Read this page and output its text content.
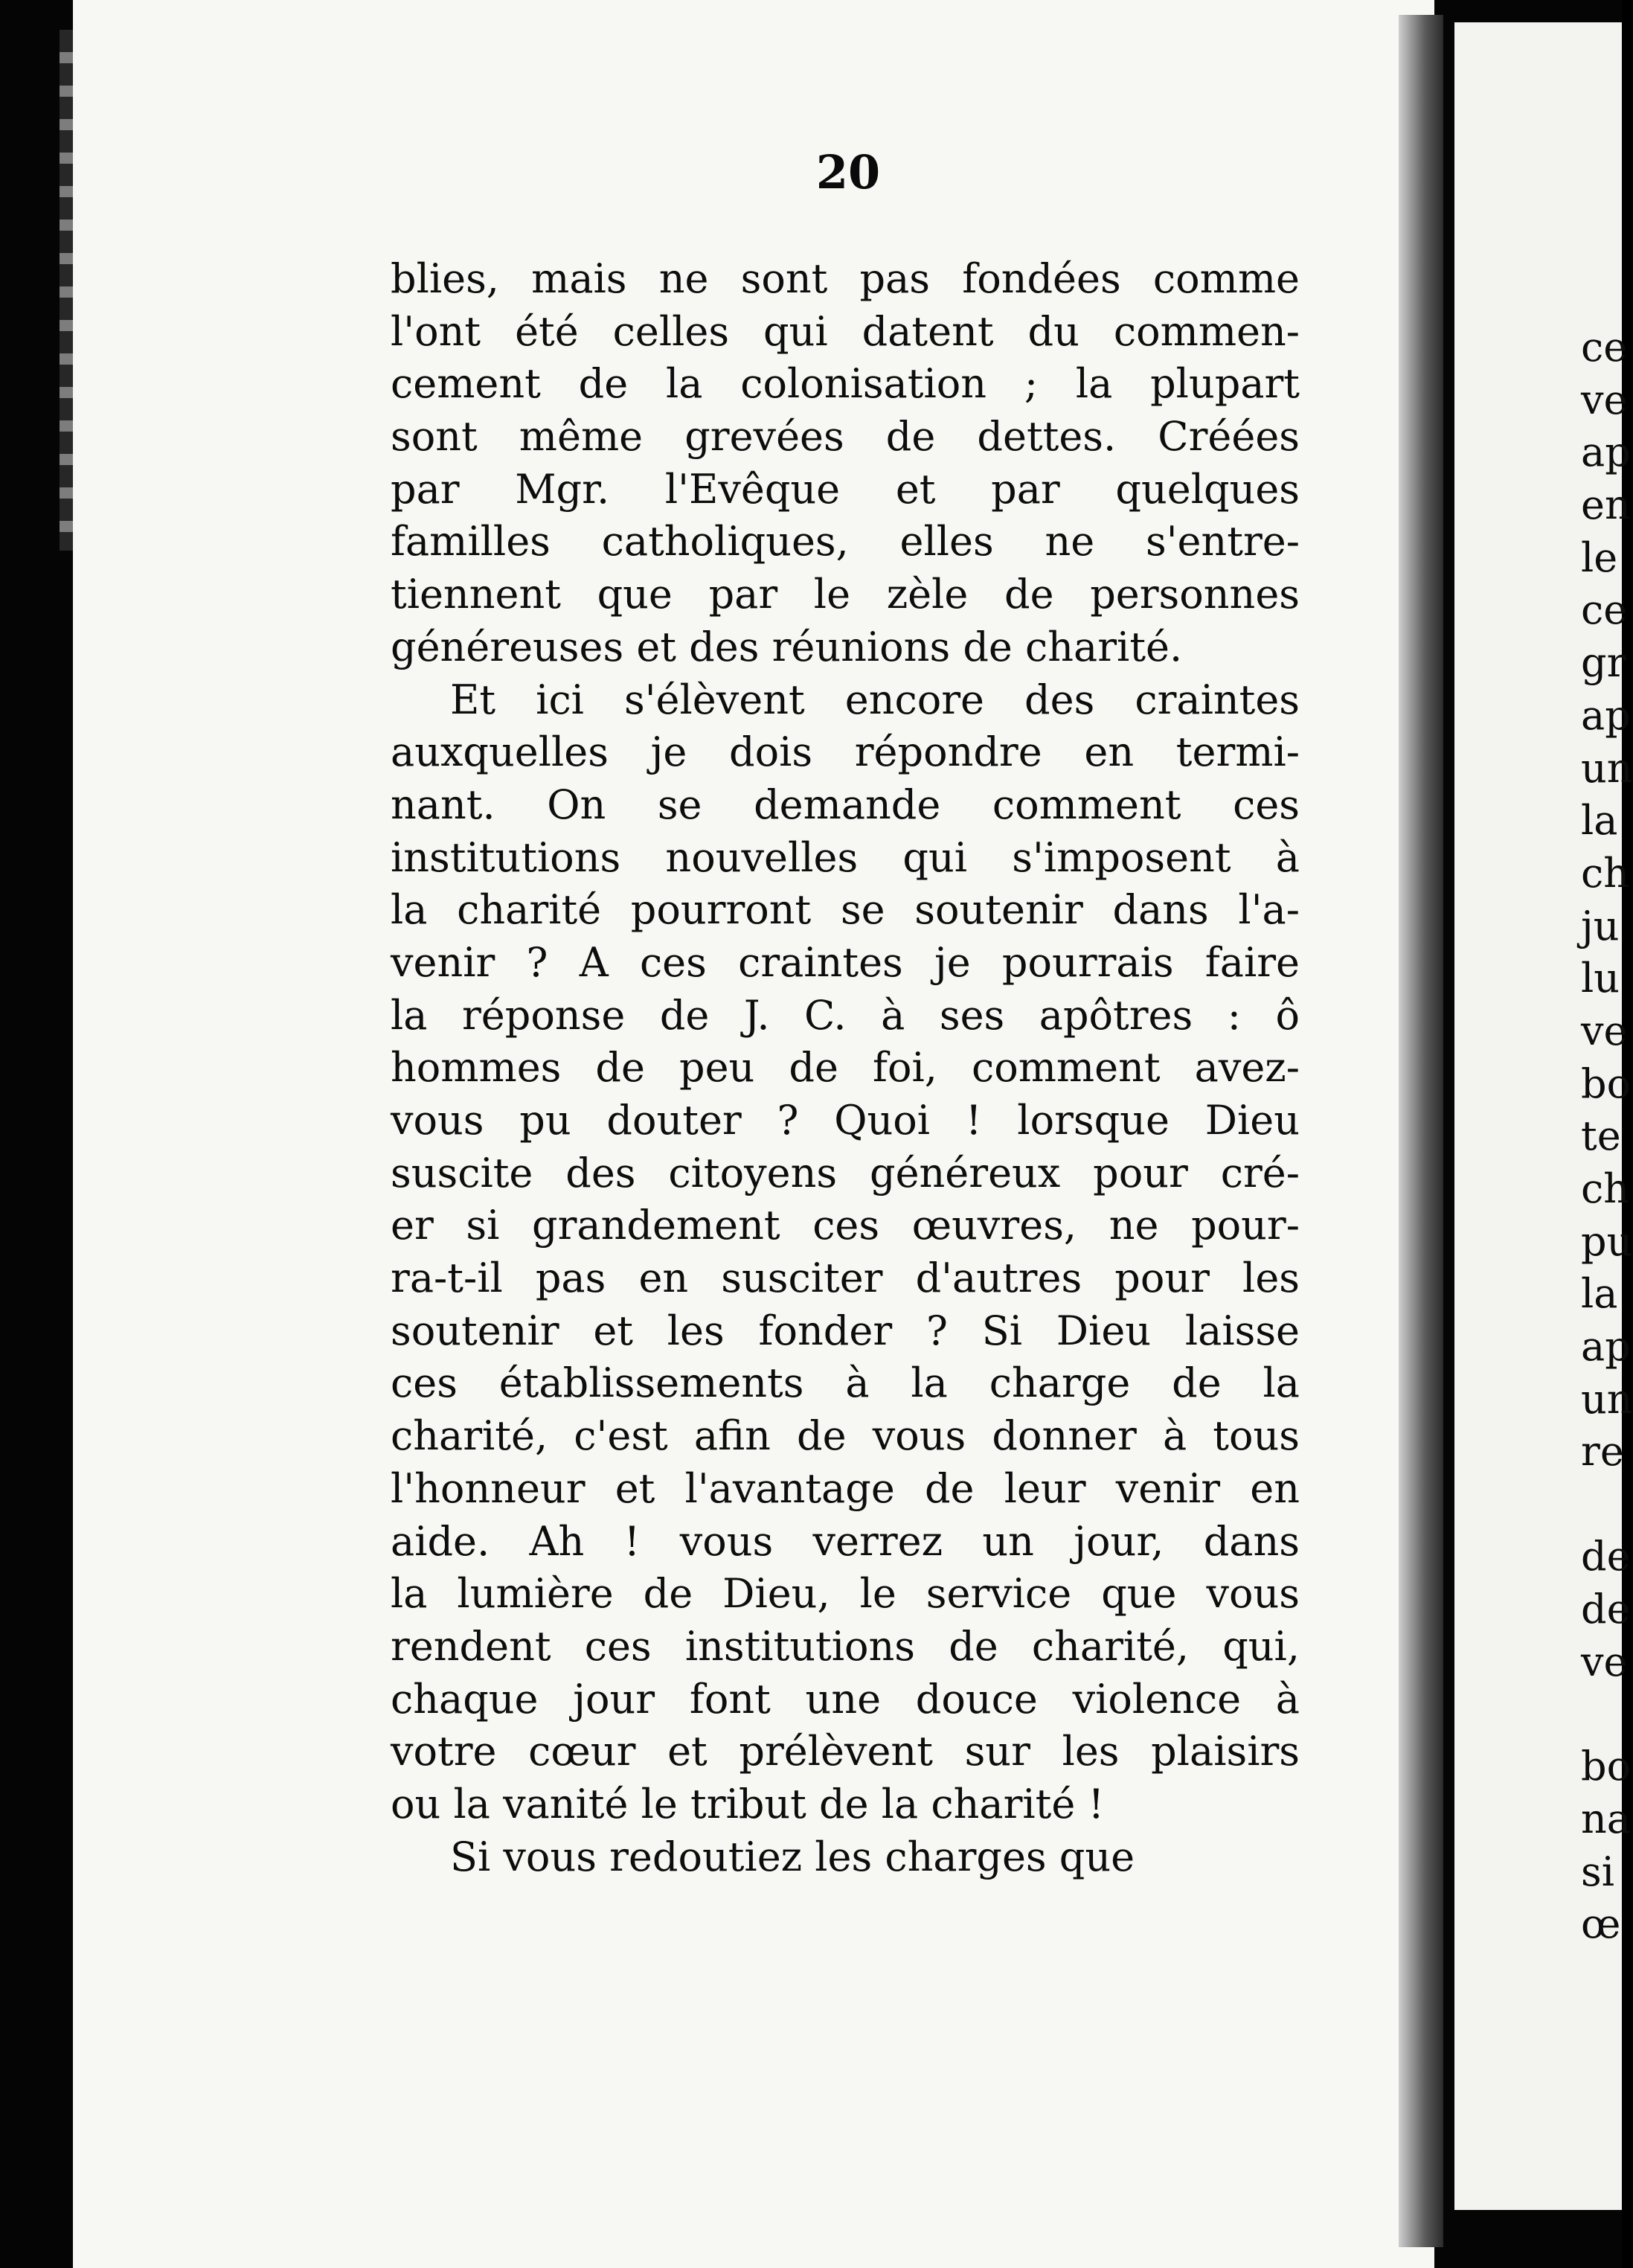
20
blies, mais ne sont pas fondées comme
l'ont été celles qui datent du commen-
cement de la colonisation ; la plupart
sont même grevées de dettes. Créées
par Mgr. l'Evêque et par quelques
familles catholiques, elles ne s'entre-
tiennent que par le zèle de personnes
généreuses et des réunions de charité.
Et ici s'élèvent encore des craintes
auxquelles je dois répondre en termi-
nant. On se demande comment ces
institutions nouvelles qui s'imposent à
la charité pourront se soutenir dans l'a-
venir ? A ces craintes je pourrais faire
la réponse de J. C. à ses apôtres : ô
hommes de peu de foi, comment avez-
vous pu douter ? Quoi ! lorsque Dieu
suscite des citoyens généreux pour cré-
er si grandement ces œuvres, ne pour-
ra-t-il pas en susciter d'autres pour les
soutenir et les fonder ? Si Dieu laisse
ces établissements à la charge de la
charité, c'est afin de vous donner à tous
l'honneur et l'avantage de leur venir en
aide. Ah ! vous verrez un jour, dans
la lumière de Dieu, le service que vous
rendent ces institutions de charité, qui,
chaque jour font une douce violence à
votre cœur et prélèvent sur les plaisirs
ou la vanité le tribut de la charité !
Si vous redoutiez les charges que
ce
ve
ap
en
le
ce
gr
ap
un
la
ch
ju
lu
ve
bo
te
ch
pu
la
ap
un
re
de
de
ve
bo
na
si
œ
